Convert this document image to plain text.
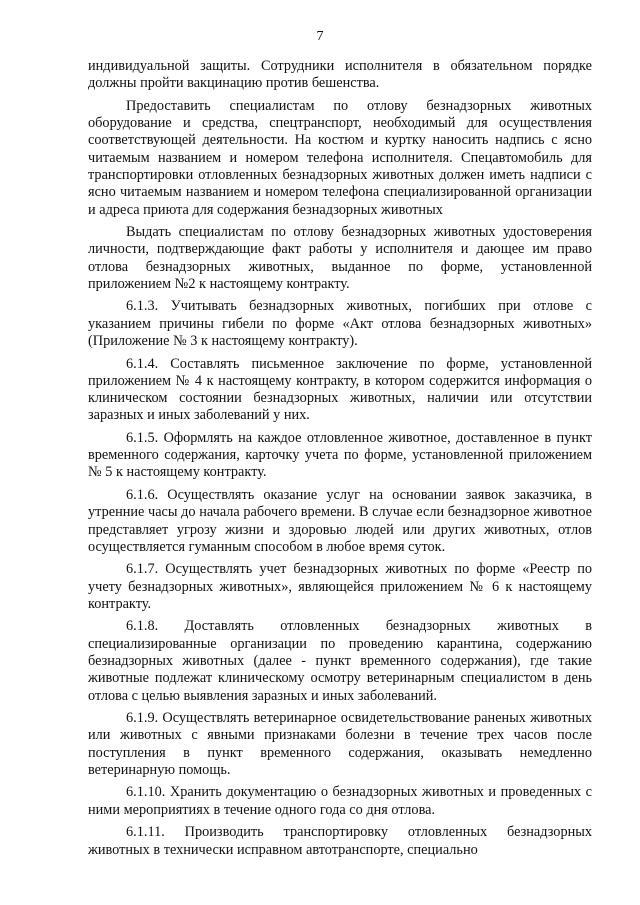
7

индивидуальной защиты. Сотрудники исполнителя в обязательном порядке должны пройти вакцинацию против бешенства.

Предоставить специалистам по отлову безнадзорных животных оборудование и средства, спецтранспорт, необходимый для осуществления соответствующей деятельности. На костюм и куртку наносить надпись с ясно читаемым названием и номером телефона исполнителя. Спецавтомобиль для транспортировки отловленных безнадзорных животных должен иметь надписи с ясно читаемым названием и номером телефона специализированной организации и адреса приюта для содержания безнадзорных животных

Выдать специалистам по отлову безнадзорных животных удостоверения личности, подтверждающие факт работы у исполнителя и дающее им право отлова безнадзорных животных, выданное по форме, установленной приложением №2 к настоящему контракту.

6.1.3. Учитывать безнадзорных животных, погибших при отлове с указанием причины гибели по форме «Акт отлова безнадзорных животных» (Приложение № 3 к настоящему контракту).

6.1.4. Составлять письменное заключение по форме, установленной приложением № 4 к настоящему контракту, в котором содержится информация о клиническом состоянии безнадзорных животных, наличии или отсутствии заразных и иных заболеваний у них.

6.1.5. Оформлять на каждое отловленное животное, доставленное в пункт временного содержания, карточку учета по форме, установленной приложением № 5 к настоящему контракту.

6.1.6. Осуществлять оказание услуг на основании заявок заказчика, в утренние часы до начала рабочего времени. В случае если безнадзорное животное представляет угрозу жизни и здоровью людей или других животных, отлов осуществляется гуманным способом в любое время суток.

6.1.7. Осуществлять учет безнадзорных животных по форме «Реестр по учету безнадзорных животных», являющейся приложением № 6 к настоящему контракту.

6.1.8. Доставлять отловленных безнадзорных животных в специализированные организации по проведению карантина, содержанию безнадзорных животных (далее - пункт временного содержания), где такие животные подлежат клиническому осмотру ветеринарным специалистом в день отлова с целью выявления заразных и иных заболеваний.

6.1.9. Осуществлять ветеринарное освидетельствование раненых животных или животных с явными признаками болезни в течение трех часов после поступления в пункт временного содержания, оказывать немедленно ветеринарную помощь.

6.1.10. Хранить документацию о безнадзорных животных и проведенных с ними мероприятиях в течение одного года со дня отлова.

6.1.11. Производить транспортировку отловленных безнадзорных животных в технически исправном автотранспорте, специально
